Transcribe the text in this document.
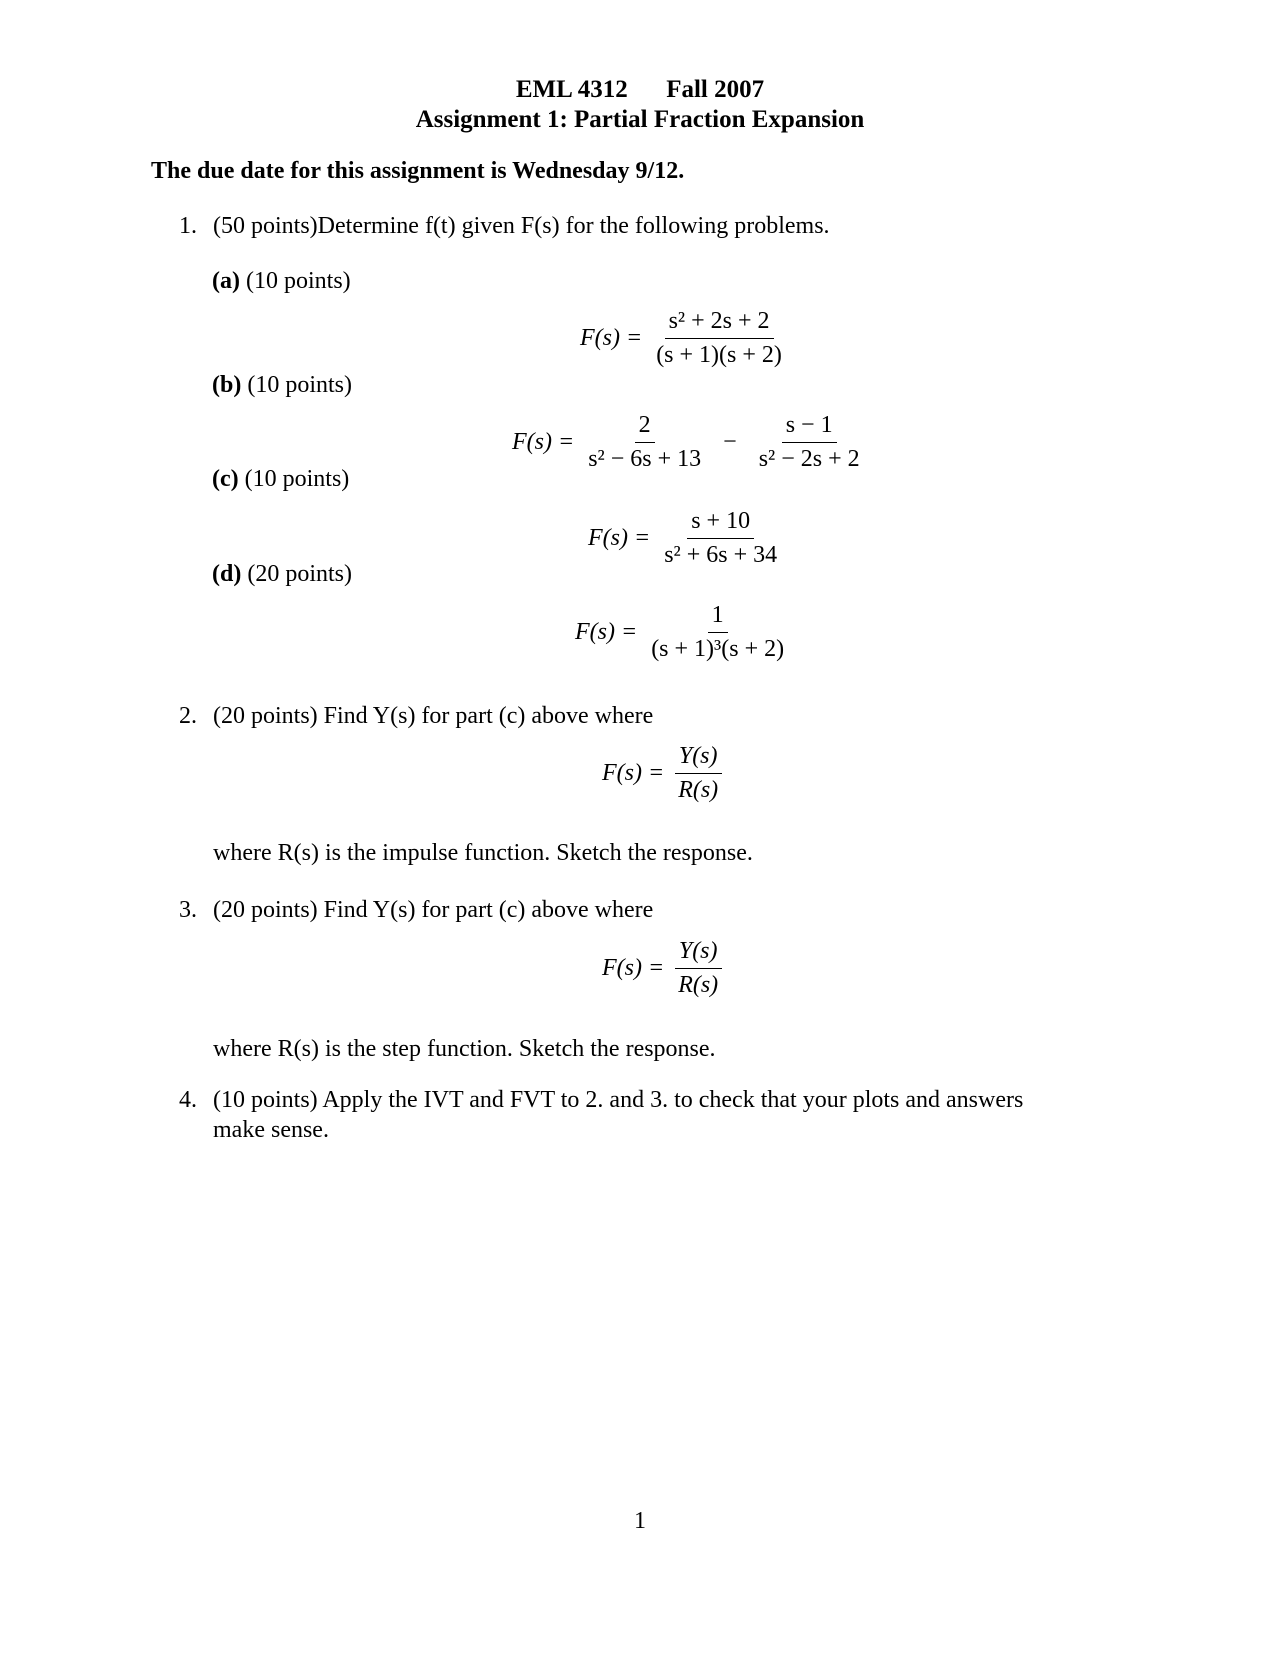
EML 4312 Fall 2007
Assignment 1: Partial Fraction Expansion
The due date for this assignment is Wednesday 9/12.
1. (50 points)Determine f(t) given F(s) for the following problems.
(a) (10 points)
$F(s) = \frac{\text{s² + 2s + 2}}{(s + 1)(s + 2)}$
(b) (10 points)
$F(s) = \frac{2}{\text{s² − 6s + 13}} - \frac{s - 1}{\text{s² − 2s + 2}}$
(c) (10 points)
$F(s) = \frac{s + 10}{\text{s² + 6s + 34}}$
(d) (20 points)
$F(s) = \frac{1}{\text{(s + 1)³(s + 2)}}$
2. (20 points) Find Y(s) for part (c) above where
$F(s) = \frac{Y(s)}{R(s)}$
where R(s) is the impulse function. Sketch the response.
3. (20 points) Find Y(s) for part (c) above where
$F(s) = \frac{Y(s)}{R(s)}$
where R(s) is the step function. Sketch the response.
4. (10 points) Apply the IVT and FVT to 2. and 3. to check that your plots and answers
make sense.
1
